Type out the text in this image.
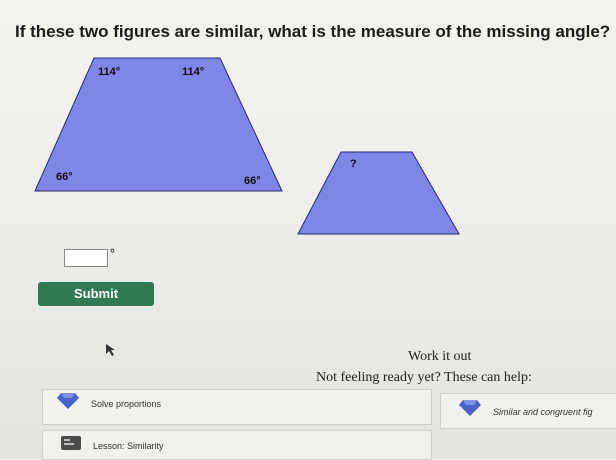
If these two figures are similar, what is the measure of the missing angle?
114°	114°
66°	66°
?
°
Submit
Work it out
Not feeling ready yet? These can help:
Solve proportions
Similar and congruent fig
Lesson: Similarity
